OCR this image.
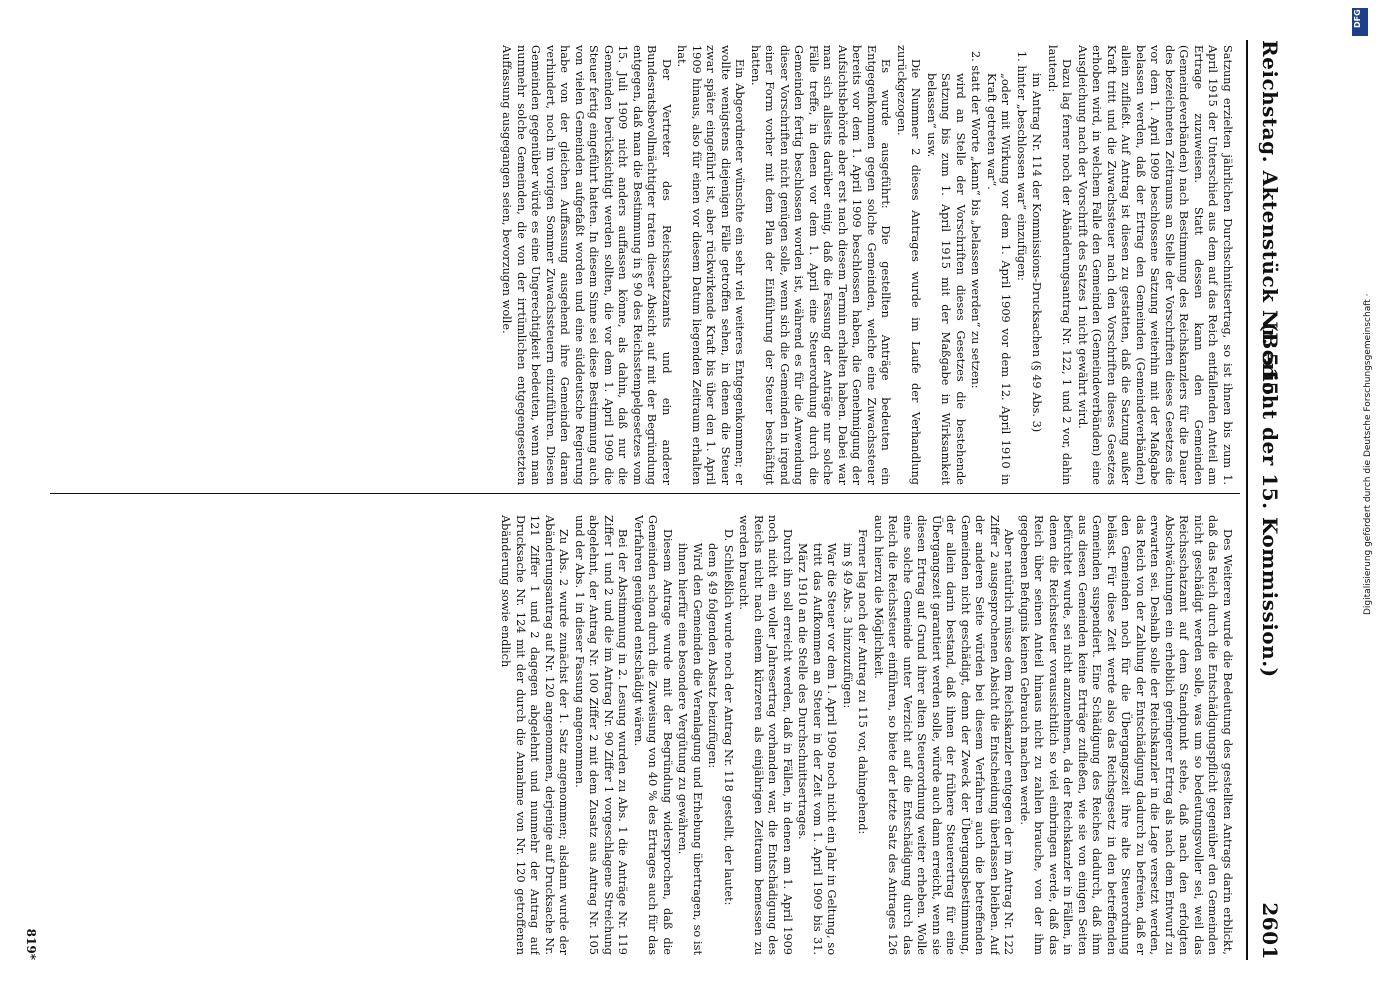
Reichstag. Aktenstück Nr. 515.
(Bericht der 15. Kommission.)
2601

Satzung erzielten jährlichen Durchschnittsertrag, so ist ihnen bis zum 1. April 1915 der Unterschied aus dem auf das Reich entfallenden Anteil am Ertrage zuzuweisen. Statt dessen kann den Gemeinden (Gemeindeverbänden) nach Bestimmung des Reichskanzlers für die Dauer des bezeichneten Zeitraums an Stelle der Vorschriften dieses Gesetzes die vor dem 1. April 1909 beschlossene Satzung weiterhin mit der Maßgabe belassen werden, daß der Ertrag den Gemeinden (Gemeindeverbänden) allein zufließt. Auf Antrag ist diesen zu gestatten, daß die Satzung außer Kraft tritt und die Zuwachssteuer nach den Vorschriften dieses Gesetzes erhoben wird, in welchem Falle den Gemeinden (Gemeindeverbänden) eine Ausgleichung nach der Vorschrift des Satzes 1 nicht gewährt wird.

Dazu lag ferner noch der Abänderungsantrag Nr. 122, 1 und 2 vor, dahin lautend:

im Antrag Nr. 114 der Kommissions-Drucksachen (§ 49 Abs. 3)

1. hinter „beschlossen war“ einzufügen:

„oder mit Wirkung vor dem 1. April 1909 vor dem 12. April 1910 in Kraft getreten war“.

2. statt der Worte „kann“ bis „belassen werden“ zu setzen:

wird an Stelle der Vorschriften dieses Gesetzes die bestehende Satzung bis zum 1. April 1915 mit der Maßgabe in Wirksamkeit belassen“ usw.

Die Nummer 2 dieses Antrages wurde im Laufe der Verhandlung zurückgezogen.

Es wurde ausgeführt: Die gestellten Anträge bedeuten ein Entgegenkommen gegen solche Gemeinden, welche eine Zuwachssteuer bereits vor dem 1. April 1909 beschlossen haben, die Genehmigung der Aufsichtsbehörde aber erst nach diesem Termin erhalten haben. Dabei war man sich allseits darüber einig, daß die Fassung der Anträge nur solche Fälle treffe, in denen vor dem 1. April eine Steuerordnung durch die Gemeinden fertig beschlossen worden ist, während es für die Anwendung dieser Vorschriften nicht genügen solle, wenn sich die Gemeinden in irgend einer Form vorher mit dem Plan der Einführung der Steuer beschäftigt hatten.

Ein Abgeordneter wünschte ein sehr viel weiteres Entgegenkommen; er wollte wenigstens diejenigen Fälle getroffen sehen, in denen die Steuer zwar später eingeführt ist, aber rückwirkende Kraft bis über den 1. April 1909 hinaus, also für einen vor diesem Datum liegenden Zeitraum erhalten hat.

Der Vertreter des Reichsschatzamts und ein anderer Bundesratsbevollmächtigter traten dieser Absicht auf mit der Begründung entgegen, daß man die Bestimmung in § 90 des Reichsstempelgesetzes vom 15. Juli 1909 nicht anders auffassen könne, als dahin, daß nur die Gemeinden berücksichtigt werden sollten, die vor dem 1. April 1909 die Steuer fertig eingeführt hatten. In diesem Sinne sei diese Bestimmung auch von vielen Gemeinden aufgefaßt worden und eine süddeutsche Regierung habe von der gleichen Auffassung ausgehend ihre Gemeinden daran verhindert, noch im vorigen Sommer Zuwachssteuern einzuführen. Diesen Gemeinden gegenüber würde es eine Ungerechtigkeit bedeuten, wenn man nunmehr solche Gemeinden, die von der irrtümlichen entgegengesetzten Auffassung ausgegangen seien, bevorzugen wolle.

Des Weiteren wurde die Bedeutung des gestellten Antrags darin erblickt, daß das Reich durch die Entschädigungspflicht gegenüber den Gemeinden nicht geschädigt werden solle, was um so bedeutungsvoller sei, weil das Reichsschatzamt auf dem Standpunkt stehe, daß nach den erfolgten Abschwächungen ein erheblich geringerer Ertrag als nach dem Entwurf zu erwarten sei. Deshalb solle der Reichskanzler in die Lage versetzt werden, das Reich von der Zahlung der Entschädigung dadurch zu befreien, daß er den Gemeinden noch für die Übergangszeit ihre alte Steuerordnung belässt. Für diese Zeit werde also das Reichsgesetz in den betreffenden Gemeinden suspendiert. Eine Schädigung des Reiches dadurch, daß ihm aus diesen Gemeinden keine Erträge zufließen, wie sie von einigen Seiten befürchtet wurde, sei nicht anzunehmen, da der Reichskanzler in Fällen, in denen die Reichssteuer voraussichtlich so viel einbringen werde, daß das Reich über seinen Anteil hinaus nicht zu zahlen brauche, von der ihm gegebenen Befugnis keinen Gebrauch machen werde.

Aber natürlich müsse dem Reichskanzler entgegen der im Antrag Nr. 122 Ziffer 2 ausgesprochenen Absicht die Entscheidung überlassen bleiben. Auf der anderen Seite würden bei diesem Verfahren auch die betreffenden Gemeinden nicht geschädigt, denn der Zweck der Übergangsbestimmung, der allein darin bestand, daß ihnen der frühere Steuerertrag für eine Übergangszeit garantiert werden solle, würde auch dann erreicht, wenn sie diesen Ertrag auf Grund ihrer alten Steuerordnung weiter erheben. Wolle eine solche Gemeinde unter Verzicht auf die Entschädigung durch das Reich die Reichssteuer einführen, so biete der letzte Satz des Antrages 126 auch hierzu die Möglichkeit.

Ferner lag noch der Antrag zu 115 vor, dahingehend:

im § 49 Abs. 3 hinzuzufügen:

War die Steuer vor dem 1. April 1909 noch nicht ein Jahr in Geltung, so tritt das Aufkommen an Steuer in der Zeit vom 1. April 1909 bis 31. März 1910 an die Stelle des Durchschnittsertrages.

Durch ihn soll erreicht werden, daß in Fällen, in denen am 1. April 1909 noch nicht ein voller Jahresertrag vorhanden war, die Entschädigung des Reichs nicht nach einem kürzeren als einjährigen Zeitraum bemessen zu werden braucht.

D. Schließlich wurde noch der Antrag Nr. 118 gestellt, der lautet:

dem § 49 folgenden Absatz beizufügen:

Wird den Gemeinden die Veranlagung und Erhebung übertragen, so ist ihnen hierfür eine besondere Vergütung zu gewähren.

Diesem Antrage wurde mit der Begründung widersprochen, daß die Gemeinden schon durch die Zuweisung von 40 % des Ertrages auch für das Verfahren genügend entschädigt wären.

Bei der Abstimmung in 2. Lesung wurden zu Abs. 1 die Anträge Nr. 119 Ziffer 1 und 2 und die im Antrag Nr. 90 Ziffer 1 vorgeschlagene Streichung abgelehnt, der Antrag Nr. 100 Ziffer 2 mit dem Zusatz aus Antrag Nr. 105 und der Abs. 1 in dieser Fassung angenommen.

Zu Abs. 2 wurde zunächst der 1. Satz angenommen; alsdann wurde der Abänderungsantrag auf Nr. 120 angenommen, derjenige auf Drucksache Nr. 121 Ziffer 1 und 2 dagegen abgelehnt und nunmehr der Antrag auf Drucksache Nr. 124 mit der durch die Annahme von Nr. 120 getroffenen Abänderung sowie endlich

819*
Digitalisierung gefördert durch die Deutsche Forschungsgemeinschaft ·
DFG
